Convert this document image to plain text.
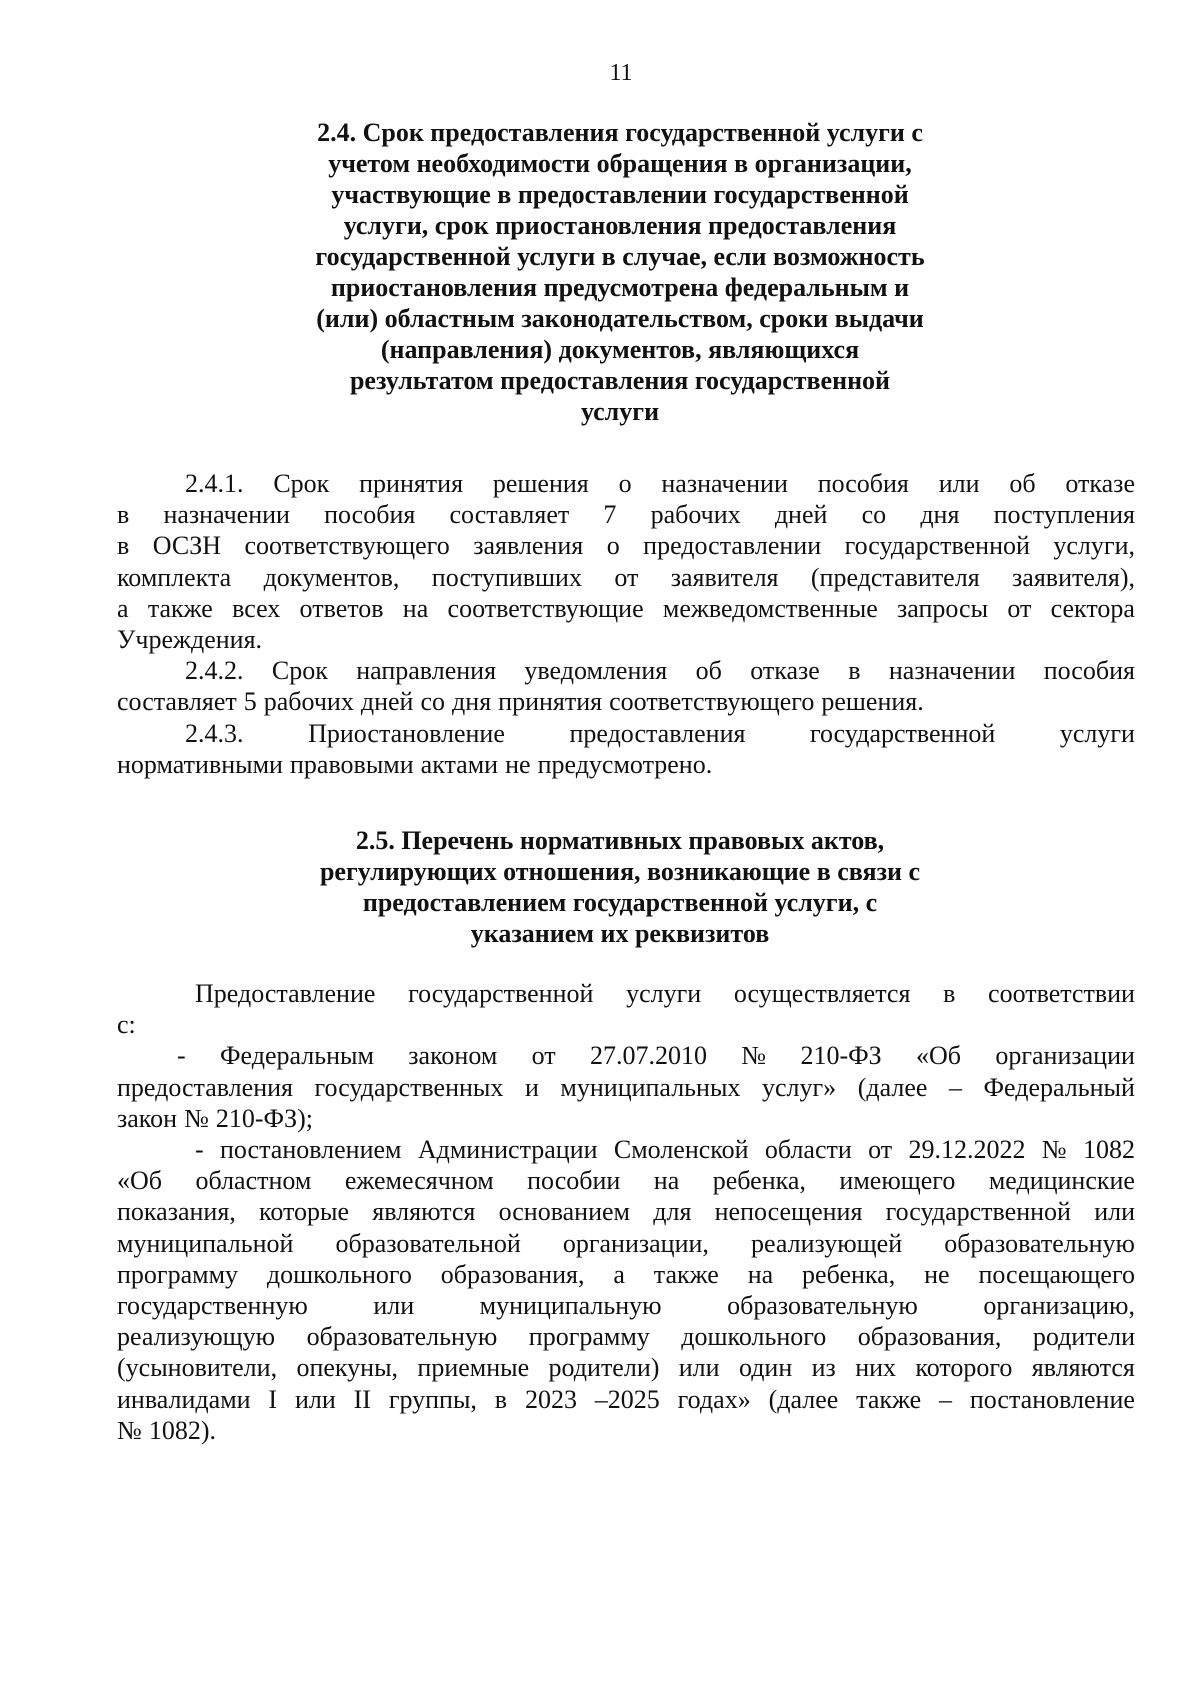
11
2.4. Срок предоставления государственной услуги с
учетом необходимости обращения в организации,
участвующие в предоставлении государственной
услуги, срок приостановления предоставления
государственной услуги в случае, если возможность
приостановления предусмотрена федеральным и
(или) областным законодательством, сроки выдачи
(направления) документов, являющихся
результатом предоставления государственной
услуги
2.4.1. Срок принятия решения о назначении пособия или об отказе
в назначении пособия составляет 7 рабочих дней со дня поступления
в ОСЗН соответствующего заявления о предоставлении государственной услуги,
комплекта документов, поступивших от заявителя (представителя заявителя),
а также всех ответов на соответствующие межведомственные запросы от сектора
Учреждения.
2.4.2. Срок направления уведомления об отказе в назначении пособия
составляет 5 рабочих дней со дня принятия соответствующего решения.
2.4.3. Приостановление предоставления государственной услуги
нормативными правовыми актами не предусмотрено.
2.5. Перечень нормативных правовых актов,
регулирующих отношения, возникающие в связи с
предоставлением государственной услуги, с
указанием их реквизитов
Предоставление государственной услуги осуществляется в соответствии
с:
- Федеральным законом от 27.07.2010 № 210-ФЗ «Об организации
предоставления государственных и муниципальных услуг» (далее – Федеральный
закон № 210-ФЗ);
- постановлением Администрации Смоленской области от 29.12.2022 № 1082
«Об областном ежемесячном пособии на ребенка, имеющего медицинские
показания, которые являются основанием для непосещения государственной или
муниципальной образовательной организации, реализующей образовательную
программу дошкольного образования, а также на ребенка, не посещающего
государственную	или	муниципальную	образовательную	организацию,
реализующую образовательную программу дошкольного образования, родители
(усыновители, опекуны, приемные родители) или один из них которого являются
инвалидами I или II группы, в 2023 –2025 годах» (далее также – постановление
№ 1082).
